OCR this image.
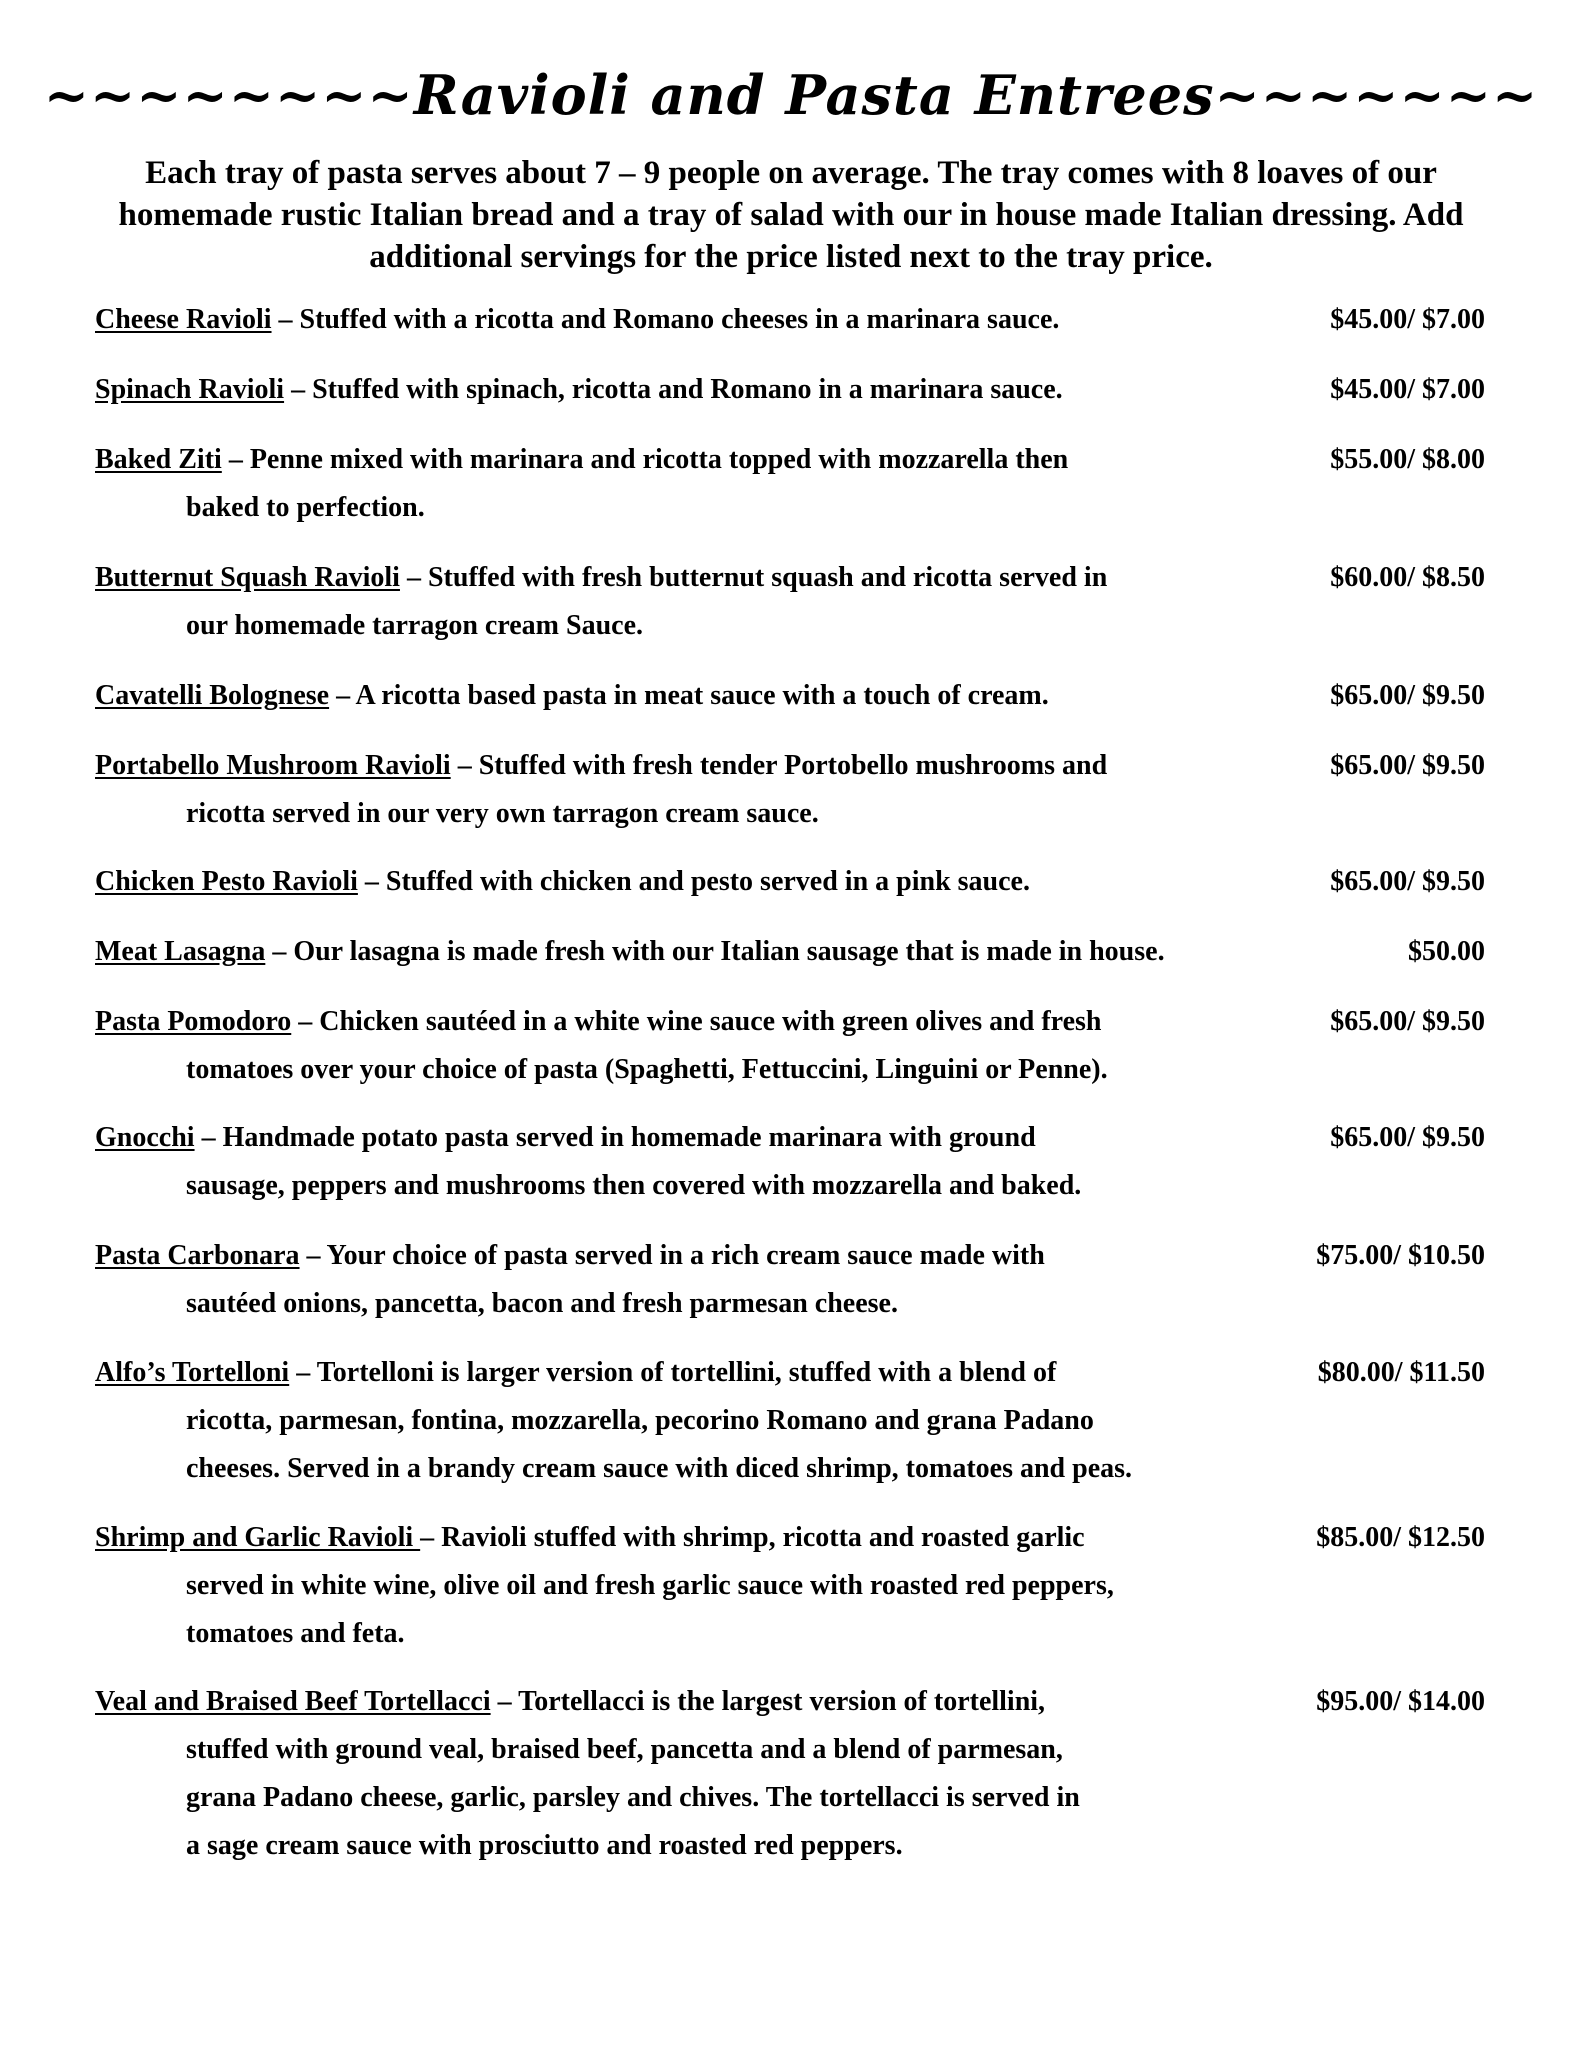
~~~~~~~~Ravioli and Pasta Entrees~~~~~~~
Each tray of pasta serves about 7 – 9 people on average. The tray comes with 8 loaves of our homemade rustic Italian bread and a tray of salad with our in house made Italian dressing. Add additional servings for the price listed next to the tray price.
Cheese Ravioli – Stuffed with a ricotta and Romano cheeses in a marinara sauce.	$45.00/ $7.00
Spinach Ravioli – Stuffed with spinach, ricotta and Romano in a marinara sauce.	$45.00/ $7.00
Baked Ziti – Penne mixed with marinara and ricotta topped with mozzarella then	$55.00/ $8.00
baked to perfection.
Butternut Squash Ravioli – Stuffed with fresh butternut squash and ricotta served in	$60.00/ $8.50
our homemade tarragon cream Sauce.
Cavatelli Bolognese – A ricotta based pasta in meat sauce with a touch of cream.	$65.00/ $9.50
Portabello Mushroom Ravioli – Stuffed with fresh tender Portobello mushrooms and	$65.00/ $9.50
ricotta served in our very own tarragon cream sauce.
Chicken Pesto Ravioli – Stuffed with chicken and pesto served in a pink sauce.	$65.00/ $9.50
Meat Lasagna – Our lasagna is made fresh with our Italian sausage that is made in house.	$50.00
Pasta Pomodoro – Chicken sautéed in a white wine sauce with green olives and fresh	$65.00/ $9.50
tomatoes over your choice of pasta (Spaghetti, Fettuccini, Linguini or Penne).
Gnocchi – Handmade potato pasta served in homemade marinara with ground	$65.00/ $9.50
sausage, peppers and mushrooms then covered with mozzarella and baked.
Pasta Carbonara – Your choice of pasta served in a rich cream sauce made with	$75.00/ $10.50
sautéed onions, pancetta, bacon and fresh parmesan cheese.
Alfo’s Tortelloni – Tortelloni is larger version of tortellini, stuffed with a blend of	$80.00/ $11.50
ricotta, parmesan, fontina, mozzarella, pecorino Romano and grana Padano
cheeses. Served in a brandy cream sauce with diced shrimp, tomatoes and peas.
Shrimp and Garlic Ravioli – Ravioli stuffed with shrimp, ricotta and roasted garlic	$85.00/ $12.50
served in white wine, olive oil and fresh garlic sauce with roasted red peppers,
tomatoes and feta.
Veal and Braised Beef Tortellacci – Tortellacci is the largest version of tortellini,	$95.00/ $14.00
stuffed with ground veal, braised beef, pancetta and a blend of parmesan,
grana Padano cheese, garlic, parsley and chives. The tortellacci is served in
a sage cream sauce with prosciutto and roasted red peppers.
